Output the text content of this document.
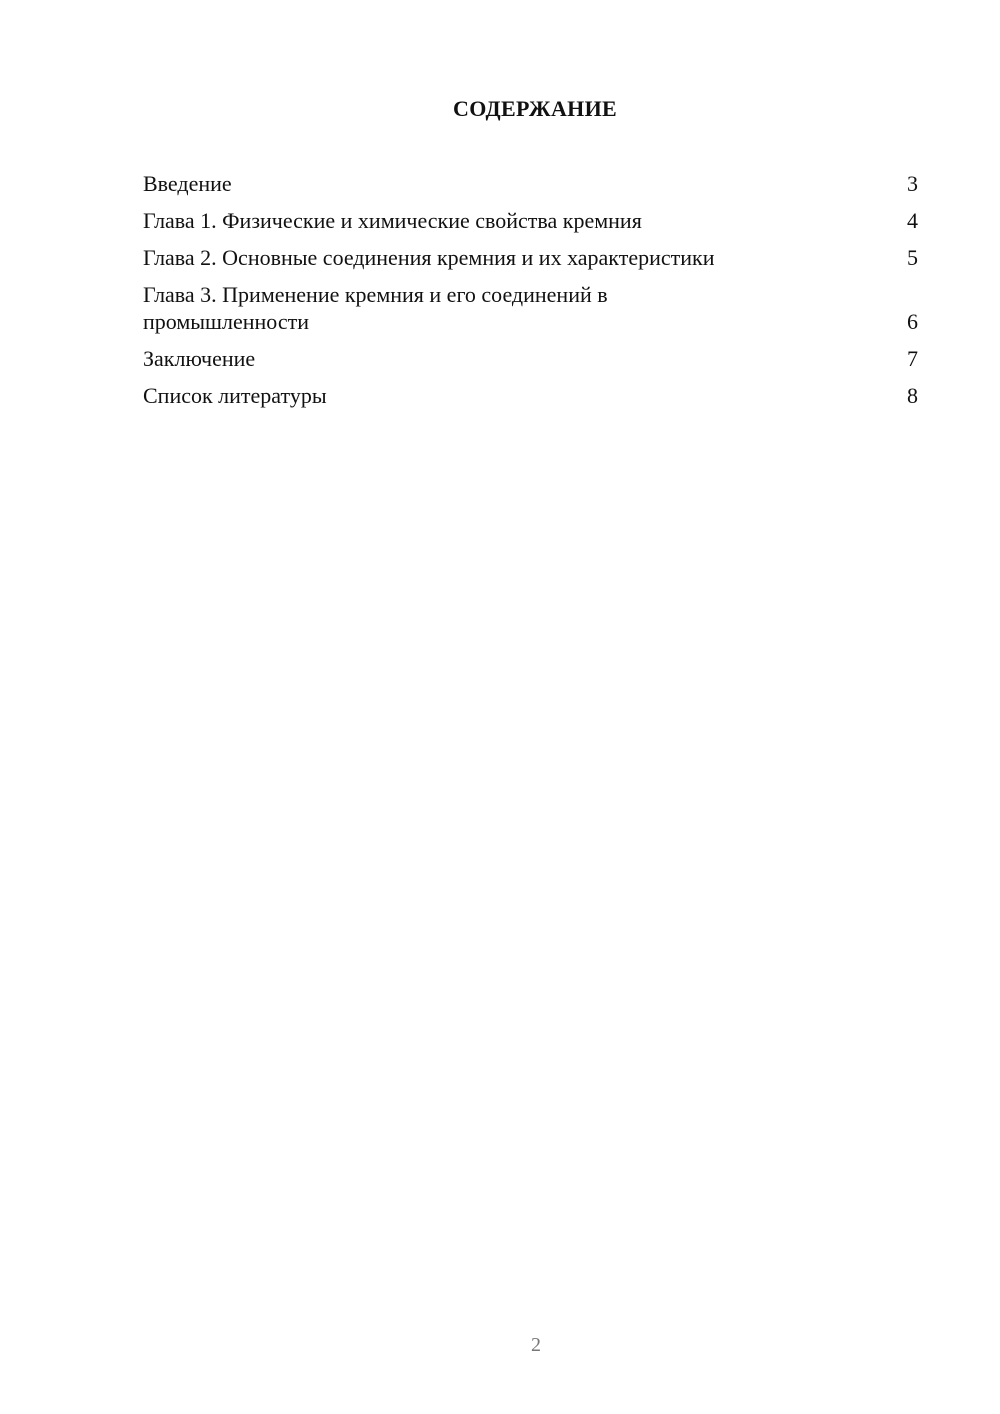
СОДЕРЖАНИЕ
Введение	3
Глава 1. Физические и химические свойства кремния	4
Глава 2. Основные соединения кремния и их характеристики	5
Глава 3. Применение кремния и его соединений в промышленности	6
Заключение	7
Список литературы	8
2
